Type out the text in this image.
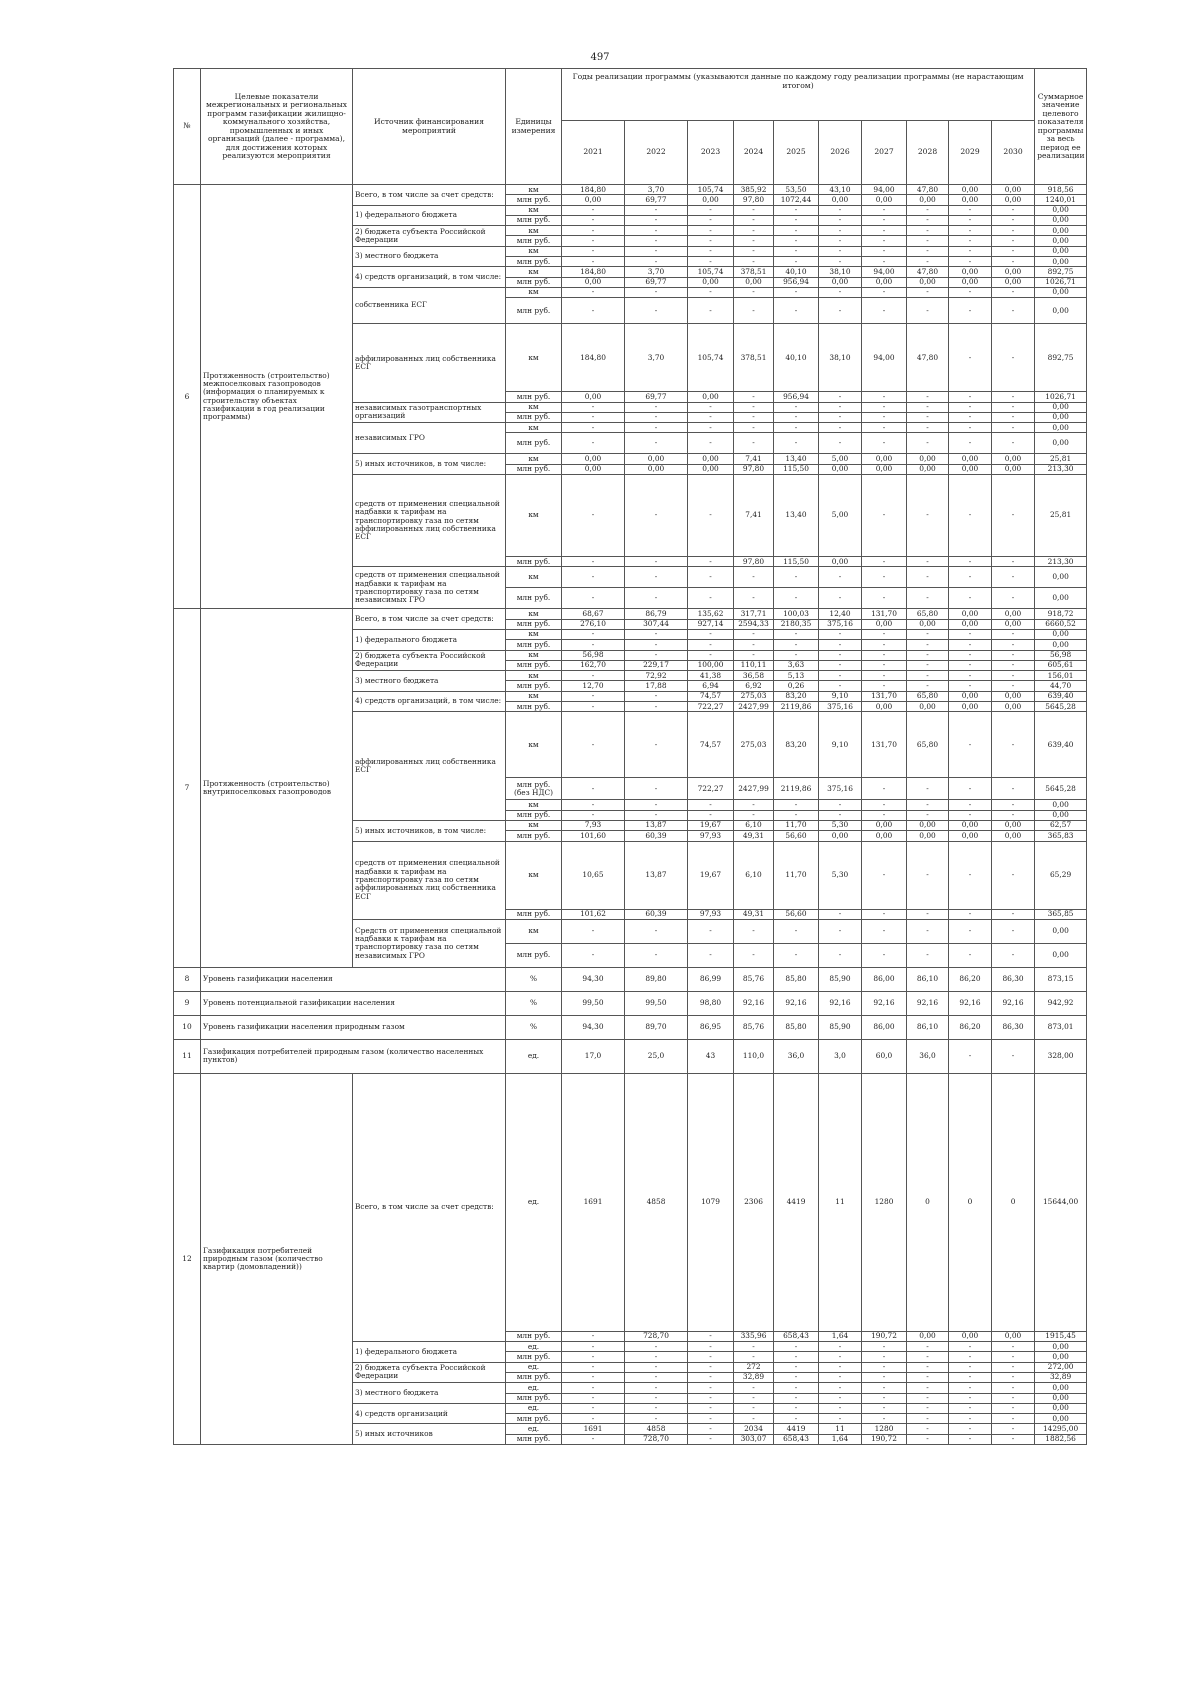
497
№	Целевые показатели межрегиональных и региональных программ газификации жилищно-коммунального хозяйства, промышленных и иных организаций (далее - программа), для достижения которых реализуются мероприятия	Источник финансирования мероприятий	Единицы измерения	Годы реализации программы (указываются данные по каждому году реализации программы (не нарастающим итогом)										Суммарное значение целевого показателя программы за весь период ее реализации
				2021	2022	2023	2024	2025	2026	2027	2028	2029	2030	
6	Протяженность (строительство) межпоселковых газопроводов (информация о планируемых к строительству объектах газификации в год реализации программы)	Всего, в том числе за счет средств:	км	184,80	3,70	105,74	385,92	53,50	43,10	94,00	47,80	0,00	0,00	918,56
			млн руб.	0,00	69,77	0,00	97,80	1072,44	0,00	0,00	0,00	0,00	0,00	1240,01
		1) федерального бюджета	км	-	-	-	-	-	-	-	-	-	-	0,00
			млн руб.	-	-	-	-	-	-	-	-	-	-	0,00
		2) бюджета субъекта Российской Федерации	км	-	-	-	-	-	-	-	-	-	-	0,00
			млн руб.	-	-	-	-	-	-	-	-	-	-	0,00
		3) местного бюджета	км	-	-	-	-	-	-	-	-	-	-	0,00
			млн руб.	-	-	-	-	-	-	-	-	-	-	0,00
		4) средств организаций, в том числе:	км	184,80	3,70	105,74	378,51	40,10	38,10	94,00	47,80	0,00	0,00	892,75
			млн руб.	0,00	69,77	0,00	0,00	956,94	0,00	0,00	0,00	0,00	0,00	1026,71
		собственника ЕСГ	км	-	-	-	-	-	-	-	-	-	-	0,00
			млн руб.	-	-	-	-	-	-	-	-	-	-	0,00
		аффилированных лиц собственника ЕСГ	км	184,80	3,70	105,74	378,51	40,10	38,10	94,00	47,80	-	-	892,75
			млн руб.	0,00	69,77	0,00	-	956,94	-	-	-	-	-	1026,71
		независимых газотранспортных организаций	км	-	-	-	-	-	-	-	-	-	-	0,00
			млн руб.	-	-	-	-	-	-	-	-	-	-	0,00
		независимых ГРО	км	-	-	-	-	-	-	-	-	-	-	0,00
			млн руб.	-	-	-	-	-	-	-	-	-	-	0,00
		5) иных источников, в том числе:	км	0,00	0,00	0,00	7,41	13,40	5,00	0,00	0,00	0,00	0,00	25,81
			млн руб.	0,00	0,00	0,00	97,80	115,50	0,00	0,00	0,00	0,00	0,00	213,30
		средств от применения специальной надбавки к тарифам на транспортировку газа по сетям аффилированных лиц собственника ЕСГ	км	-	-	-	7,41	13,40	5,00	-	-	-	-	25,81
			млн руб.	-	-	-	97,80	115,50	0,00	-	-	-	-	213,30
		средств от применения специальной надбавки к тарифам на транспортировку газа по сетям независимых ГРО	км	-	-	-	-	-	-	-	-	-	-	0,00
			млн руб.	-	-	-	-	-	-	-	-	-	-	0,00
7	Протяженность (строительство) внутрипоселковых газопроводов	Всего, в том числе за счет средств:	км	68,67	86,79	135,62	317,71	100,03	12,40	131,70	65,80	0,00	0,00	918,72
			млн руб.	276,10	307,44	927,14	2594,33	2180,35	375,16	0,00	0,00	0,00	0,00	6660,52
		1) федерального бюджета	км	-	-	-	-	-	-	-	-	-	-	0,00
			млн руб.	-	-	-	-	-	-	-	-	-	-	0,00
		2) бюджета субъекта Российской Федерации	км	56,98	-	-	-	-	-	-	-	-	-	56,98
			млн руб.	162,70	229,17	100,00	110,11	3,63	-	-	-	-	-	605,61
		3) местного бюджета	км	-	72,92	41,38	36,58	5,13	-	-	-	-	-	156,01
			млн руб.	12,70	17,88	6,94	6,92	0,26	-	-	-	-	-	44,70
		4) средств организаций, в том числе:	км	-	-	74,57	275,03	83,20	9,10	131,70	65,80	0,00	0,00	639,40
			млн руб.	-	-	722,27	2427,99	2119,86	375,16	0,00	0,00	0,00	0,00	5645,28
		аффилированных лиц собственника ЕСГ	км	-	-	74,57	275,03	83,20	9,10	131,70	65,80	-	-	639,40
			млн руб. (без НДС)	-	-	722,27	2427,99	2119,86	375,16	-	-	-	-	5645,28
			км	-	-	-	-	-	-	-	-	-	-	0,00
			млн руб.	-	-	-	-	-	-	-	-	-	-	0,00
		5) иных источников, в том числе:	км	7,93	13,87	19,67	6,10	11,70	5,30	0,00	0,00	0,00	0,00	62,57
			млн руб.	101,60	60,39	97,93	49,31	56,60	0,00	0,00	0,00	0,00	0,00	365,83
		средств от применения специальной надбавки к тарифам на транспортировку газа по сетям аффилированных лиц собственника ЕСГ	км	10,65	13,87	19,67	6,10	11,70	5,30	-	-	-	-	65,29
			млн руб.	101,62	60,39	97,93	49,31	56,60	-	-	-	-	-	365,85
		Средств от применения специальной надбавки к тарифам на транспортировку газа по сетям независимых ГРО	км	-	-	-	-	-	-	-	-	-	-	0,00
			млн руб.	-	-	-	-	-	-	-	-	-	-	0,00
8	Уровень газификации населения		%	94,30	89,80	86,99	85,76	85,80	85,90	86,00	86,10	86,20	86,30	873,15
9	Уровень потенциальной газификации населения		%	99,50	99,50	98,80	92,16	92,16	92,16	92,16	92,16	92,16	92,16	942,92
10	Уровень газификации населения природным газом		%	94,30	89,70	86,95	85,76	85,80	85,90	86,00	86,10	86,20	86,30	873,01
11	Газификация потребителей природным газом (количество населенных пунктов)		ед.	17,0	25,0	43	110,0	36,0	3,0	60,0	36,0	-	-	328,00
12	Газификация потребителей природным газом (количество квартир (домовладений))	Всего, в том числе за счет средств:	ед.	1691	4858	1079	2306	4419	11	1280	0	0	0	15644,00
			млн руб.	-	728,70	-	335,96	658,43	1,64	190,72	0,00	0,00	0,00	1915,45
		1) федерального бюджета	ед.	-	-	-	-	-	-	-	-	-	-	0,00
			млн руб.	-	-	-	-	-	-	-	-	-	-	0,00
		2) бюджета субъекта Российской Федерации	ед.	-	-	-	272	-	-	-	-	-	-	272,00
			млн руб.	-	-	-	32,89	-	-	-	-	-	-	32,89
		3) местного бюджета	ед.	-	-	-	-	-	-	-	-	-	-	0,00
			млн руб.	-	-	-	-	-	-	-	-	-	-	0,00
		4) средств организаций	ед.	-	-	-	-	-	-	-	-	-	-	0,00
			млн руб.	-	-	-	-	-	-	-	-	-	-	0,00
		5) иных источников	ед.	1691	4858	-	2034	4419	11	1280	-	-	-	14295,00
			млн руб.	-	728,70	-	303,07	658,43	1,64	190,72	-	-	-	1882,56
